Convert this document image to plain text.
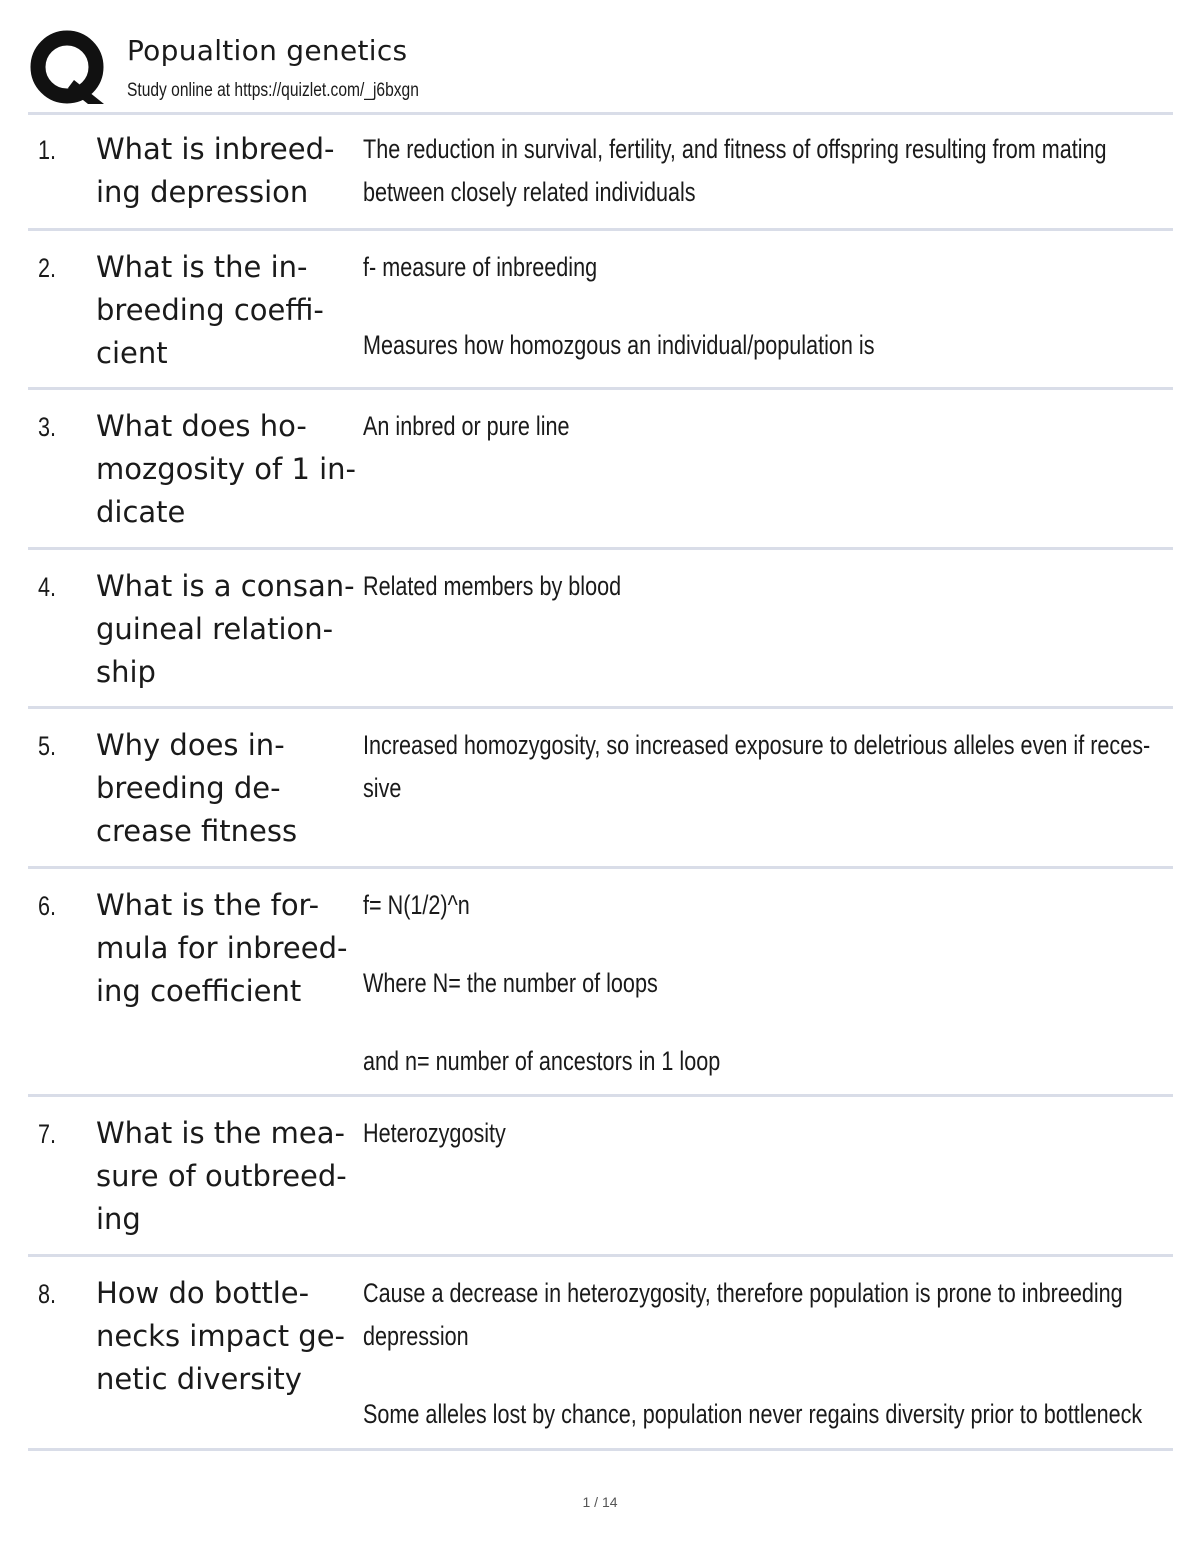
Popualtion genetics
Study online at https://quizlet.com/_j6bxgn
1. What is inbreed-
ing depression
The reduction in survival, fertility, and fitness of offspring resulting from mating
between closely related individuals
2. What is the in-
breeding coeffi-
cient
f- measure of inbreeding
Measures how homozgous an individual/population is
3. What does ho-
mozgosity of 1 in-
dicate
An inbred or pure line
4. What is a consan-
guineal relation-
ship
Related members by blood
5. Why does in-
breeding de-
crease fitness
Increased homozygosity, so increased exposure to deletrious alleles even if reces-
sive
6. What is the for-
mula for inbreed-
ing coefficient
f= N(1/2)^n
Where N= the number of loops
and n= number of ancestors in 1 loop
7. What is the mea-
sure of outbreed-
ing
Heterozygosity
8. How do bottle-
necks impact ge-
netic diversity
Cause a decrease in heterozygosity, therefore population is prone to inbreeding
depression
Some alleles lost by chance, population never regains diversity prior to bottleneck
1 / 14
